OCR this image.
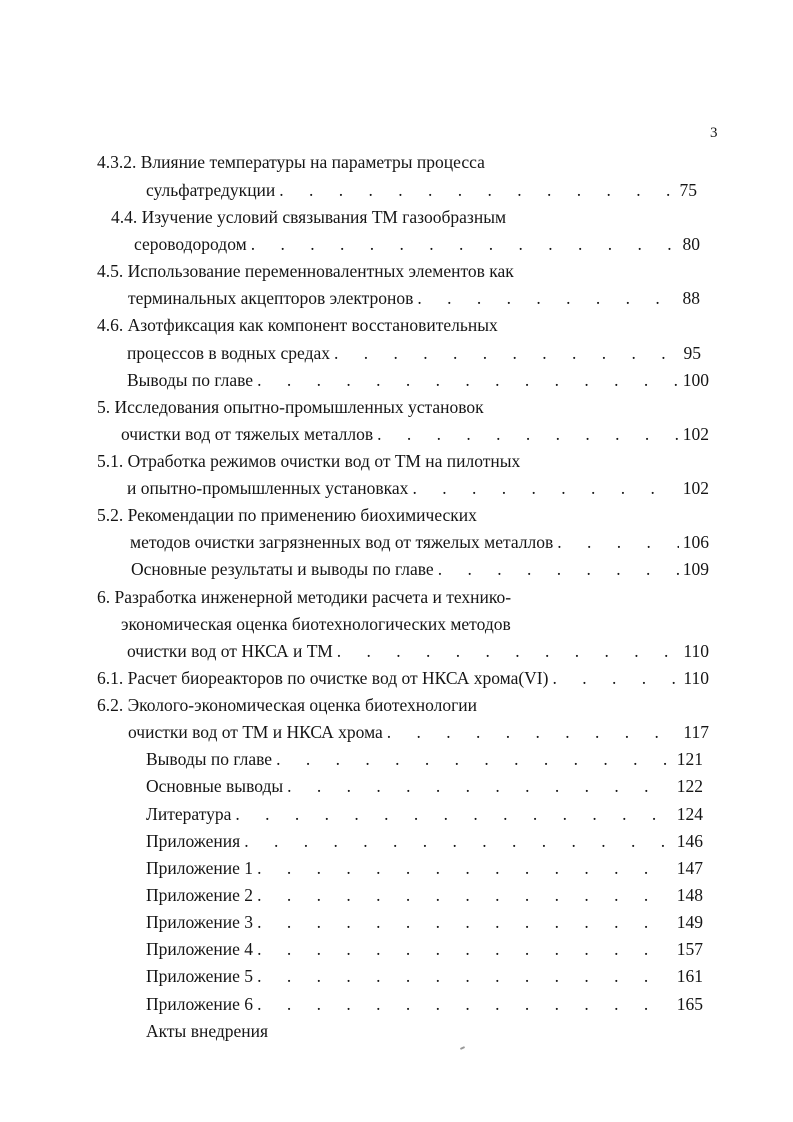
3
4.3.2. Влияние температуры на параметры процесса
сульфатредукции . . .	75
4.4. Изучение условий связывания ТМ газообразным
сероводородом . . .	80
4.5. Использование переменновалентных элементов как
терминальных акцепторов электронов . . .	88
4.6. Азотфиксация как компонент восстановительных
процессов в водных средах . . .	95
Выводы по главе . . .	100
5. Исследования опытно-промышленных установок
очистки вод от тяжелых металлов . . .	102
5.1. Отработка режимов очистки вод от ТМ на пилотных
и опытно-промышленных установках . . .	102
5.2. Рекомендации по применению биохимических
методов очистки загрязненных вод от тяжелых металлов . . .	106
Основные результаты и выводы по главе . . .	109
6. Разработка инженерной методики расчета и технико-
экономическая оценка биотехнологических методов
очистки вод от НКСА и ТМ . . .	110
6.1. Расчет биореакторов по очистке вод от НКСА хрома(VI) . . .	110
6.2. Эколого-экономическая оценка биотехнологии
очистки вод от ТМ и НКСА хрома . . .	117
Выводы по главе . . .	121
Основные выводы . . .	122
Литература . . .	124
Приложения . . .	146
Приложение 1 . . .	147
Приложение 2 . . .	148
Приложение 3 . . .	149
Приложение 4 . . .	157
Приложение 5 . . .	161
Приложение 6 . . .	165
Акты внедрения
